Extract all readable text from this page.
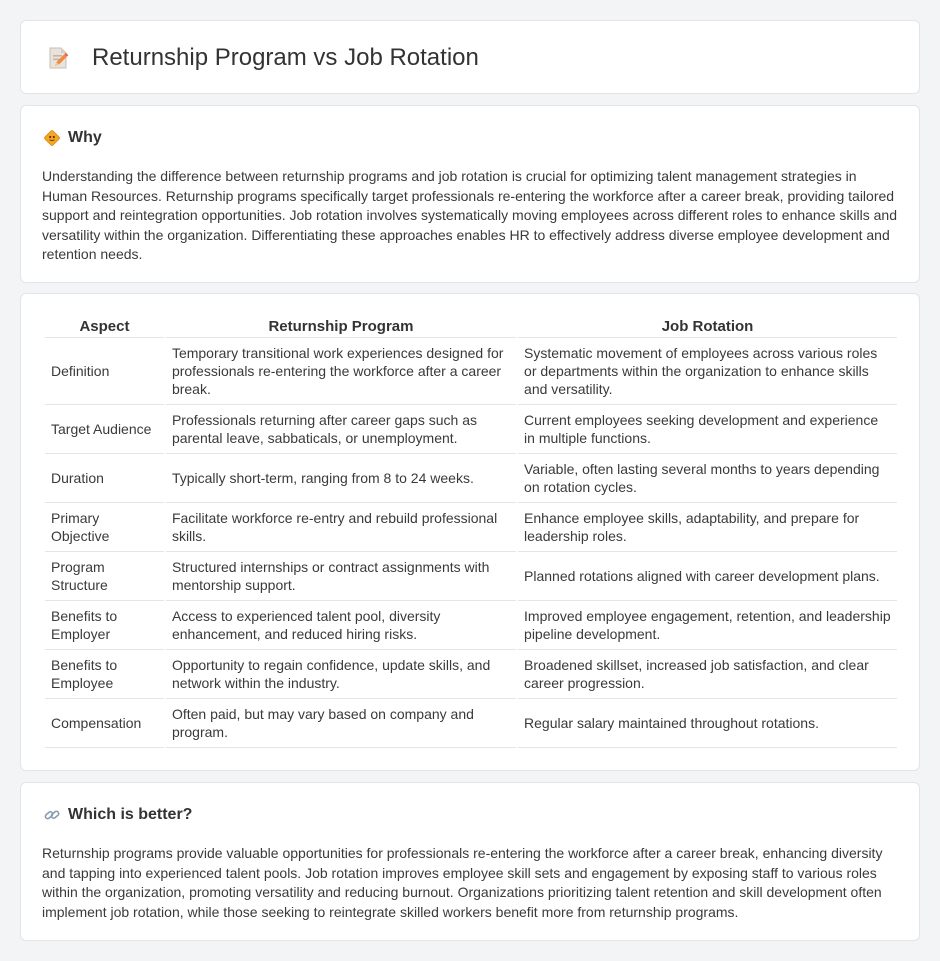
Returnship Program vs Job Rotation
Why

Understanding the difference between returnship programs and job rotation is crucial for optimizing talent management strategies in Human Resources. Returnship programs specifically target professionals re-entering the workforce after a career break, providing tailored support and reintegration opportunities. Job rotation involves systematically moving employees across different roles to enhance skills and versatility within the organization. Differentiating these approaches enables HR to effectively address diverse employee development and retention needs.

Aspect	Returnship Program	Job Rotation
Definition	Temporary transitional work experiences designed for professionals re-entering the workforce after a career break.	Systematic movement of employees across various roles or departments within the organization to enhance skills and versatility.
Target Audience	Professionals returning after career gaps such as parental leave, sabbaticals, or unemployment.	Current employees seeking development and experience in multiple functions.
Duration	Typically short-term, ranging from 8 to 24 weeks.	Variable, often lasting several months to years depending on rotation cycles.
Primary Objective	Facilitate workforce re-entry and rebuild professional skills.	Enhance employee skills, adaptability, and prepare for leadership roles.
Program Structure	Structured internships or contract assignments with mentorship support.	Planned rotations aligned with career development plans.
Benefits to Employer	Access to experienced talent pool, diversity enhancement, and reduced hiring risks.	Improved employee engagement, retention, and leadership pipeline development.
Benefits to Employee	Opportunity to regain confidence, update skills, and network within the industry.	Broadened skillset, increased job satisfaction, and clear career progression.
Compensation	Often paid, but may vary based on company and program.	Regular salary maintained throughout rotations.
Which is better?

Returnship programs provide valuable opportunities for professionals re-entering the workforce after a career break, enhancing diversity and tapping into experienced talent pools. Job rotation improves employee skill sets and engagement by exposing staff to various roles within the organization, promoting versatility and reducing burnout. Organizations prioritizing talent retention and skill development often implement job rotation, while those seeking to reintegrate skilled workers benefit more from returnship programs.
